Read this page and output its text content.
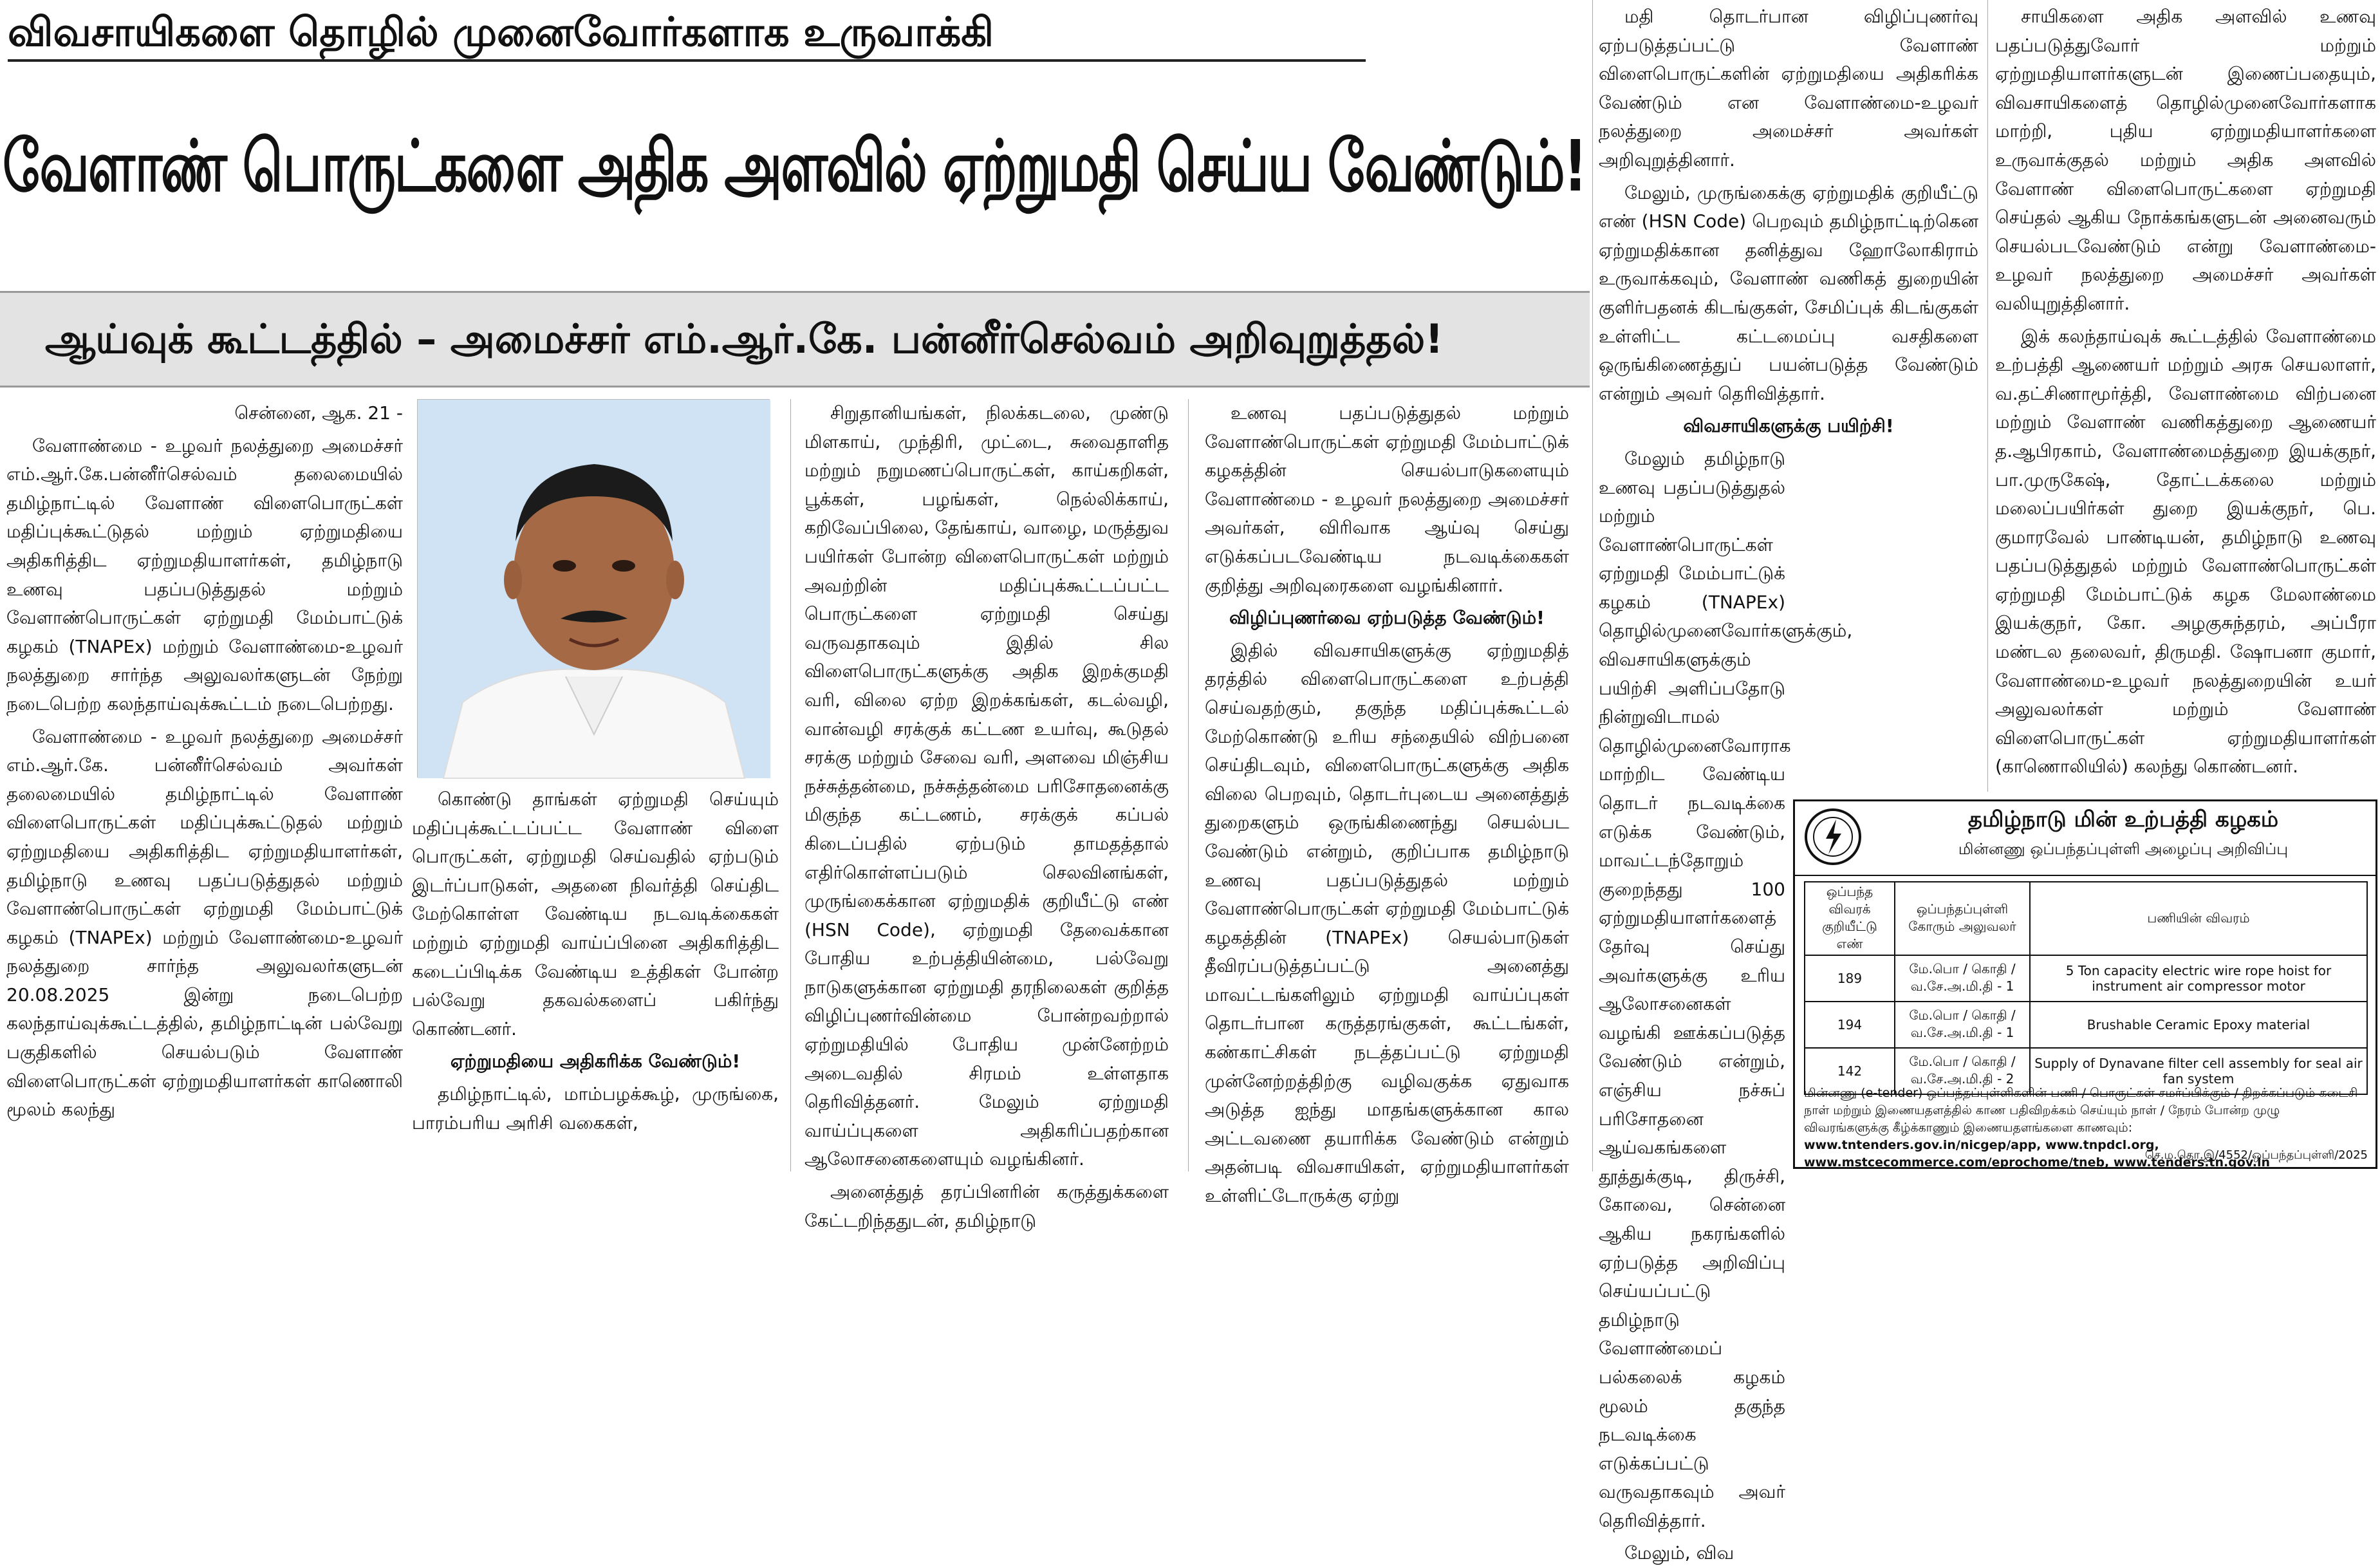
விவசாயிகளை தொழில் முனைவோர்களாக உருவாக்கி
வேளாண் பொருட்களை அதிக அளவில் ஏற்றுமதி செய்ய வேண்டும்!
ஆய்வுக் கூட்டத்தில் – அமைச்சர் எம்.ஆர்.கே. பன்னீர்செல்வம் அறிவுறுத்தல்!

சென்னை, ஆக. 21 -

வேளாண்மை - உழவர் நலத்துறை அமைச்சர் எம்.ஆர்.கே.பன்னீர்செல்வம் தலைமையில் தமிழ்நாட்டில் வேளாண் விளைபொருட்கள் மதிப்புக்கூட்டுதல் மற்றும் ஏற்றுமதியை அதிகரித்திட ஏற்றுமதியாளர்கள், தமிழ்நாடு உணவு பதப்படுத்துதல் மற்றும் வேளாண்பொருட்கள் ஏற்றுமதி மேம்பாட்டுக் கழகம் (TNAPEx) மற்றும் வேளாண்மை-உழவர் நலத்துறை சார்ந்த அலுவலர்களுடன் நேற்று நடைபெற்ற கலந்தாய்வுக்கூட்டம் நடைபெற்றது.

வேளாண்மை - உழவர் நலத்துறை அமைச்சர் எம்.ஆர்.கே. பன்னீர்செல்வம் அவர்கள் தலைமையில் தமிழ்நாட்டில் வேளாண் விளைபொருட்கள் மதிப்புக்கூட்டுதல் மற்றும் ஏற்றுமதியை அதிகரித்திட ஏற்றுமதியாளர்கள், தமிழ்நாடு உணவு பதப்படுத்துதல் மற்றும் வேளாண்பொருட்கள் ஏற்றுமதி மேம்பாட்டுக் கழகம் (TNAPEx) மற்றும் வேளாண்மை-உழவர் நலத்துறை சார்ந்த அலுவலர்களுடன் 20.08.2025 இன்று நடைபெற்ற கலந்தாய்வுக்கூட்டத்தில், தமிழ்நாட்டின் பல்வேறு பகுதிகளில் செயல்படும் வேளாண் விளைபொருட்கள் ஏற்றுமதியாளர்கள் காணொலி மூலம் கலந்து

கொண்டு தாங்கள் ஏற்றுமதி செய்யும் மதிப்புக்கூட்டப்பட்ட வேளாண் விளை பொருட்கள், ஏற்றுமதி செய்வதில் ஏற்படும் இடர்ப்பாடுகள், அதனை நிவர்த்தி செய்திட மேற்கொள்ள வேண்டிய நடவடிக்கைகள் மற்றும் ஏற்றுமதி வாய்ப்பினை அதிகரித்திட கடைப்பிடிக்க வேண்டிய உத்திகள் போன்ற பல்வேறு தகவல்களைப் பகிர்ந்து கொண்டனர்.

ஏற்றுமதியை அதிகரிக்க வேண்டும்!

தமிழ்நாட்டில், மாம்பழக்கூழ், முருங்கை, பாரம்பரிய அரிசி வகைகள்,

சிறுதானியங்கள், நிலக்கடலை, முண்டு மிளகாய், முந்திரி, முட்டை, சுவைதாளித மற்றும் நறுமணப்பொருட்கள், காய்கறிகள், பூக்கள், பழங்கள், நெல்லிக்காய், கறிவேப்பிலை, தேங்காய், வாழை, மருத்துவ பயிர்கள் போன்ற விளைபொருட்கள் மற்றும் அவற்றின் மதிப்புக்கூட்டப்பட்ட பொருட்களை ஏற்றுமதி செய்து வருவதாகவும் இதில் சில விளைபொருட்களுக்கு அதிக இறக்குமதி வரி, விலை ஏற்ற இறக்கங்கள், கடல்வழி, வான்வழி சரக்குக் கட்டண உயர்வு, கூடுதல் சரக்கு மற்றும் சேவை வரி, அளவை மிஞ்சிய நச்சுத்தன்மை, நச்சுத்தன்மை பரிசோதனைக்கு மிகுந்த கட்டணம், சரக்குக் கப்பல் கிடைப்பதில் ஏற்படும் தாமதத்தால் எதிர்கொள்ளப்படும் செலவினங்கள், முருங்கைக்கான ஏற்றுமதிக் குறியீட்டு எண் (HSN Code), ஏற்றுமதி தேவைக்கான போதிய உற்பத்தியின்மை, பல்வேறு நாடுகளுக்கான ஏற்றுமதி தரநிலைகள் குறித்த விழிப்புணர்வின்மை போன்றவற்றால் ஏற்றுமதியில் போதிய முன்னேற்றம் அடைவதில் சிரமம் உள்ளதாக தெரிவித்தனர். மேலும் ஏற்றுமதி வாய்ப்புகளை அதிகரிப்பதற்கான ஆலோசனைகளையும் வழங்கினர்.

அனைத்துத் தரப்பினரின் கருத்துக்களை கேட்டறிந்ததுடன், தமிழ்நாடு

உணவு பதப்படுத்துதல் மற்றும் வேளாண்பொருட்கள் ஏற்றுமதி மேம்பாட்டுக் கழகத்தின் செயல்பாடுகளையும் வேளாண்மை - உழவர் நலத்துறை அமைச்சர் அவர்கள், விரிவாக ஆய்வு செய்து எடுக்கப்படவேண்டிய நடவடிக்கைகள் குறித்து அறிவுரைகளை வழங்கினார்.

விழிப்புணர்வை ஏற்படுத்த வேண்டும்!

இதில் விவசாயிகளுக்கு ஏற்றுமதித் தரத்தில் விளைபொருட்களை உற்பத்தி செய்வதற்கும், தகுந்த மதிப்புக்கூட்டல் மேற்கொண்டு உரிய சந்தையில் விற்பனை செய்திடவும், விளைபொருட்களுக்கு அதிக விலை பெறவும், தொடர்புடைய அனைத்துத் துறைகளும் ஒருங்கிணைந்து செயல்பட வேண்டும் என்றும், குறிப்பாக தமிழ்நாடு உணவு பதப்படுத்துதல் மற்றும் வேளாண்பொருட்கள் ஏற்றுமதி மேம்பாட்டுக் கழகத்தின் (TNAPEx) செயல்பாடுகள் தீவிரப்படுத்தப்பட்டு அனைத்து மாவட்டங்களிலும் ஏற்றுமதி வாய்ப்புகள் தொடர்பான கருத்தரங்குகள், கூட்டங்கள், கண்காட்சிகள் நடத்தப்பட்டு ஏற்றுமதி முன்னேற்றத்திற்கு வழிவகுக்க ஏதுவாக அடுத்த ஐந்து மாதங்களுக்கான கால அட்டவணை தயாரிக்க வேண்டும் என்றும் அதன்படி விவசாயிகள், ஏற்றுமதியாளர்கள் உள்ளிட்டோருக்கு ஏற்று

மதி தொடர்பான விழிப்புணர்வு ஏற்படுத்தப்பட்டு வேளாண் விளைபொருட்களின் ஏற்றுமதியை அதிகரிக்க வேண்டும் என வேளாண்மை-உழவர் நலத்துறை அமைச்சர் அவர்கள் அறிவுறுத்தினார்.

மேலும், முருங்கைக்கு ஏற்றுமதிக் குறியீட்டு எண் (HSN Code) பெறவும் தமிழ்நாட்டிற்கென ஏற்றுமதிக்கான தனித்துவ ஹோலோகிராம் உருவாக்கவும், வேளாண் வணிகத் துறையின் குளிர்பதனக் கிடங்குகள், சேமிப்புக் கிடங்குகள் உள்ளிட்ட கட்டமைப்பு வசதிகளை ஒருங்கிணைத்துப் பயன்படுத்த வேண்டும் என்றும் அவர் தெரிவித்தார்.

விவசாயிகளுக்கு பயிற்சி!

மேலும் தமிழ்நாடு உணவு பதப்படுத்துதல் மற்றும் வேளாண்பொருட்கள் ஏற்றுமதி மேம்பாட்டுக் கழகம் (TNAPEx) தொழில்முனைவோர்களுக்கும், விவசாயிகளுக்கும் பயிற்சி அளிப்பதோடு நின்றுவிடாமல் தொழில்முனைவோராக மாற்றிட வேண்டிய தொடர் நடவடிக்கை எடுக்க வேண்டும், மாவட்டந்தோறும் குறைந்தது 100 ஏற்றுமதியாளர்களைத் தேர்வு செய்து அவர்களுக்கு உரிய ஆலோசனைகள் வழங்கி ஊக்கப்படுத்த வேண்டும் என்றும், எஞ்சிய நச்சுப் பரிசோதனை ஆய்வகங்களை தூத்துக்குடி, திருச்சி, கோவை, சென்னை ஆகிய நகரங்களில் ஏற்படுத்த அறிவிப்பு செய்யப்பட்டு தமிழ்நாடு வேளாண்மைப் பல்கலைக் கழகம் மூலம் தகுந்த நடவடிக்கை எடுக்கப்பட்டு வருவதாகவும் அவர் தெரிவித்தார்.

மேலும், விவ

சாயிகளை அதிக அளவில் உணவு பதப்படுத்துவோர் மற்றும் ஏற்றுமதியாளர்களுடன் இணைப்பதையும், விவசாயிகளைத் தொழில்முனைவோர்களாக மாற்றி, புதிய ஏற்றுமதியாளர்களை உருவாக்குதல் மற்றும் அதிக அளவில் வேளாண் விளைபொருட்களை ஏற்றுமதி செய்தல் ஆகிய நோக்கங்களுடன் அனைவரும் செயல்படவேண்டும் என்று வேளாண்மை-உழவர் நலத்துறை அமைச்சர் அவர்கள் வலியுறுத்தினார்.

இக் கலந்தாய்வுக் கூட்டத்தில் வேளாண்மை உற்பத்தி ஆணையர் மற்றும் அரசு செயலாளர், வ.தட்சிணாமூர்த்தி, வேளாண்மை விற்பனை மற்றும் வேளாண் வணிகத்துறை ஆணையர் த.ஆபிரகாம், வேளாண்மைத்துறை இயக்குநர், பா.முருகேஷ், தோட்டக்கலை மற்றும் மலைப்பயிர்கள் துறை இயக்குநர், பெ. குமாரவேல் பாண்டியன், தமிழ்நாடு உணவு பதப்படுத்துதல் மற்றும் வேளாண்பொருட்கள் ஏற்றுமதி மேம்பாட்டுக் கழக மேலாண்மை இயக்குநர், கோ. அழகுசுந்தரம், அப்பீரா மண்டல தலைவர், திருமதி. ஷோபனா குமார், வேளாண்மை-உழவர் நலத்துறையின் உயர் அலுவலர்கள் மற்றும் வேளாண் விளைபொருட்கள் ஏற்றுமதியாளர்கள் (காணொலியில்) கலந்து கொண்டனர்.

தமிழ்நாடு மின் உற்பத்தி கழகம்
மின்னணு ஒப்பந்தப்புள்ளி அழைப்பு அறிவிப்பு
ஒப்பந்த விவரக் குறியீட்டு எண்	ஒப்பந்தப்புள்ளி கோரும் அலுவலர்	பணியின் விவரம்
189	மே.பொ / கொதி / வ.சே.அ.மி.தி - 1	5 Ton capacity electric wire rope hoist for instrument air compressor motor
194	மே.பொ / கொதி / வ.சே.அ.மி.தி - 1	Brushable Ceramic Epoxy material
142	மே.பொ / கொதி / வ.சே.அ.மி.தி - 2	Supply of Dynavane filter cell assembly for seal air fan system
மின்னணு (e-tender) ஒப்பந்தப்புள்ளிகளின் பணி / பொருட்கள் சமர்ப்பிக்கும் / திறக்கப்படும் கடைசி நாள் மற்றும் இணையதளத்தில் காண பதிவிறக்கம் செய்யும் நாள் / நேரம் போன்ற முழு விவரங்களுக்கு கீழ்க்காணும் இணையதளங்களை காணவும்: www.tntenders.gov.in/nicgep/app, www.tnpdcl.org, www.mstcecommerce.com/eprochome/tneb, www.tenders.tn.gov.in
செ.ம.தொ.இ/4552/ஒப்பந்தப்புள்ளி/2025
